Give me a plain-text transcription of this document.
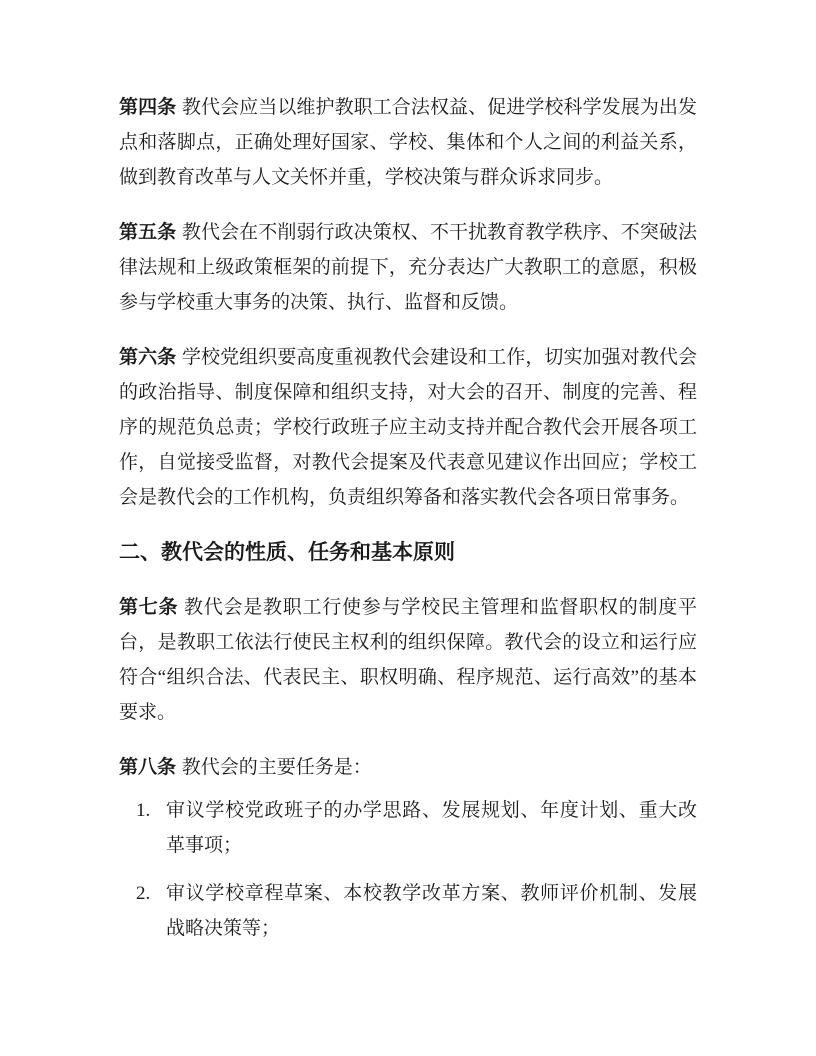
第四条 教代会应当以维护教职工合法权益、促进学校科学发展为出发点和落脚点，正确处理好国家、学校、集体和个人之间的利益关系，做到教育改革与人文关怀并重，学校决策与群众诉求同步。

第五条 教代会在不削弱行政决策权、不干扰教育教学秩序、不突破法律法规和上级政策框架的前提下，充分表达广大教职工的意愿，积极参与学校重大事务的决策、执行、监督和反馈。

第六条 学校党组织要高度重视教代会建设和工作，切实加强对教代会的政治指导、制度保障和组织支持，对大会的召开、制度的完善、程序的规范负总责；学校行政班子应主动支持并配合教代会开展各项工作，自觉接受监督，对教代会提案及代表意见建议作出回应；学校工会是教代会的工作机构，负责组织筹备和落实教代会各项日常事务。

二、教代会的性质、任务和基本原则

第七条 教代会是教职工行使参与学校民主管理和监督职权的制度平台，是教职工依法行使民主权利的组织保障。教代会的设立和运行应符合“组织合法、代表民主、职权明确、程序规范、运行高效”的基本要求。

第八条 教代会的主要任务是：

1. 审议学校党政班子的办学思路、发展规划、年度计划、重大改革事项；
2. 审议学校章程草案、本校教学改革方案、教师评价机制、发展战略决策等；
